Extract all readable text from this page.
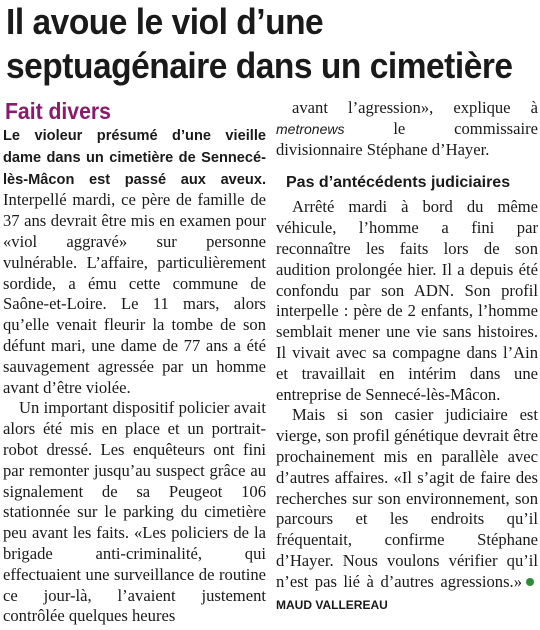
Il avoue le viol d’une
septuagénaire dans un cimetière
Fait divers

Le violeur présumé d’une vieille dame dans un cimetière de Sennecé-lès-Mâcon est passé aux aveux. Interpellé mardi, ce père de famille de 37 ans devrait être mis en examen pour «viol aggravé» sur personne vulnérable. L’affaire, particulièrement sordide, a ému cette commune de Saône-et-Loire. Le 11 mars, alors qu’elle venait fleurir la tombe de son défunt mari, une dame de 77 ans a été sauvagement agressée par un homme avant d’être violée.

Un important dispositif policier avait alors été mis en place et un portrait-robot dressé. Les enquêteurs ont fini par remonter jusqu’au suspect grâce au signalement de sa Peugeot 106 stationnée sur le parking du cimetière peu avant les faits. «Les policiers de la brigade anti-criminalité, qui effectuaient une surveillance de routine ce jour-là, l’avaient justement contrôlée quelques heures

avant l’agression», explique à metronews le commissaire divisionnaire Stéphane d’Hayer.

Pas d’antécédents judiciaires

Arrêté mardi à bord du même véhicule, l’homme a fini par reconnaître les faits lors de son audition prolongée hier. Il a depuis été confondu par son ADN. Son profil interpelle : père de 2 enfants, l’homme semblait mener une vie sans histoires. Il vivait avec sa compagne dans l’Ain et travaillait en intérim dans une entreprise de Sennecé-lès-Mâcon.

Mais si son casier judiciaire est vierge, son profil génétique devrait être prochainement mis en parallèle avec d’autres affaires. «Il s’agit de faire des recherches sur son environnement, son parcours et les endroits qu’il fréquentait, confirme Stéphane d’Hayer. Nous voulons vérifier qu’il n’est pas lié à d’autres agressions.»MAUD VALLEREAU
